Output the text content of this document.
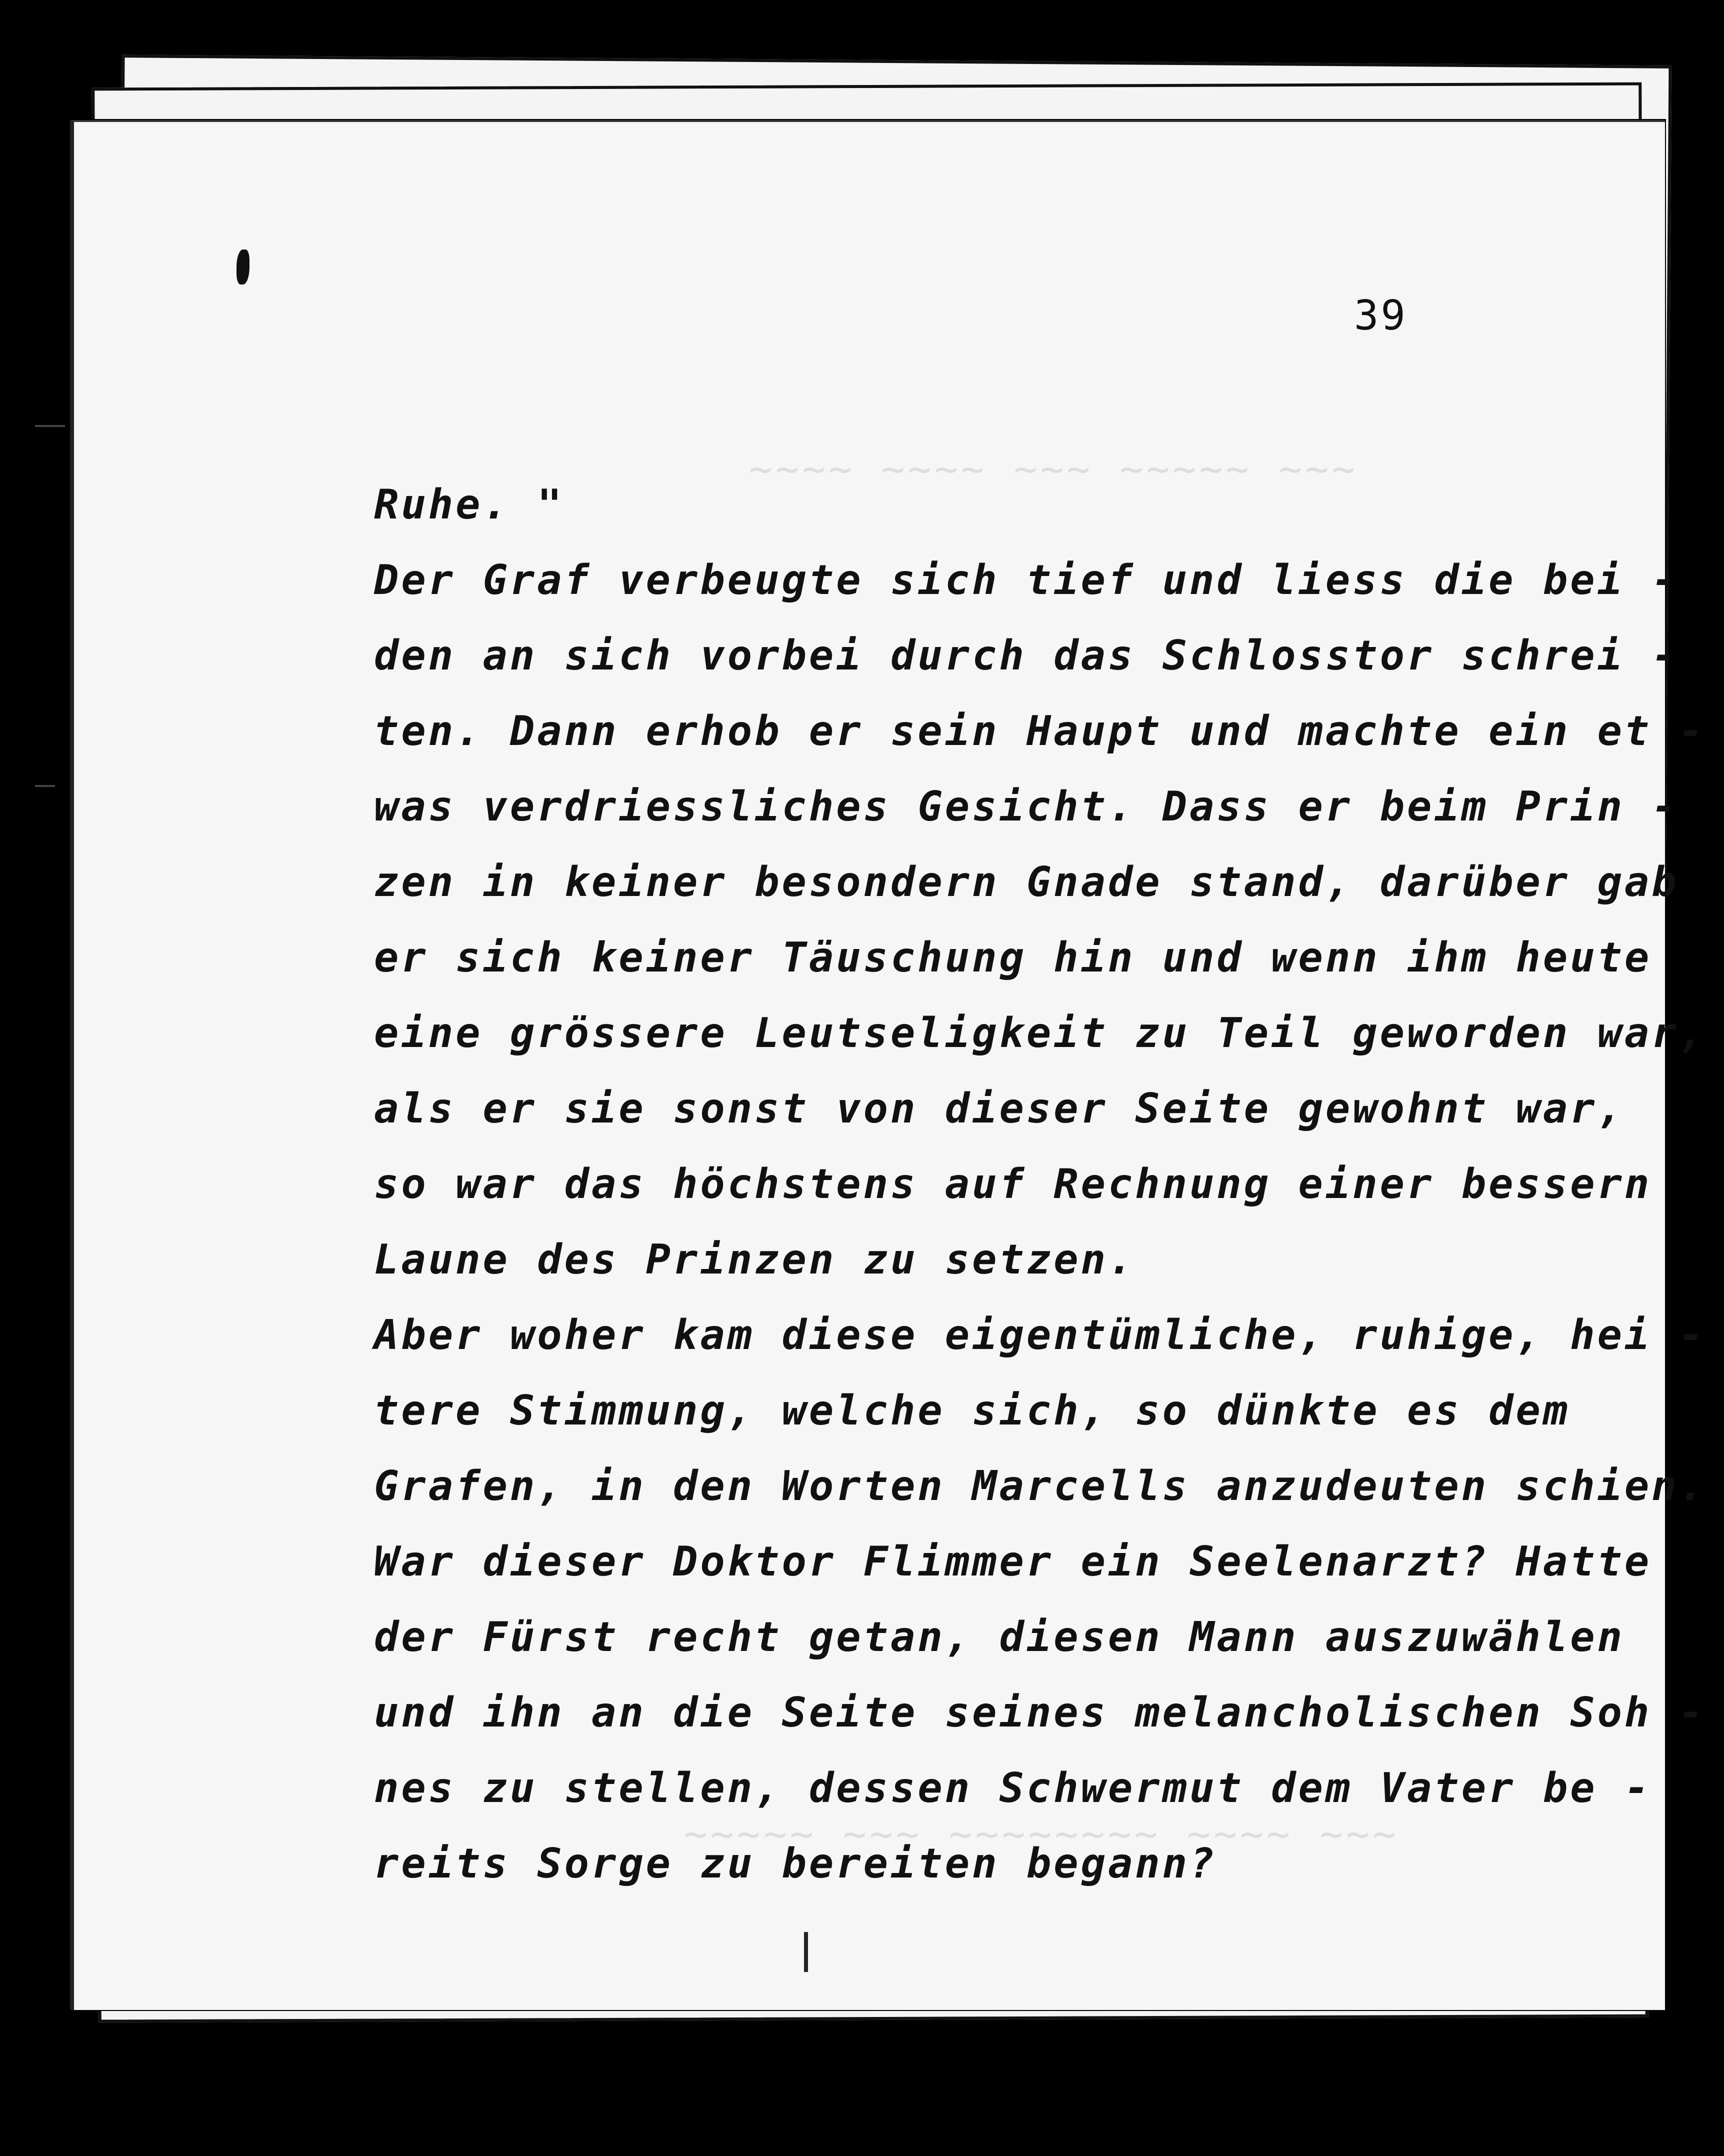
~~~~ ~~~~ ~~~ ~~~~~ ~~~
~~~~~ ~~~ ~~~~~~~~ ~~~~ ~~~
39
Ruhe. "
Der Graf verbeugte sich tief und liess die bei -
den an sich vorbei durch das Schlosstor schrei -
ten. Dann erhob er sein Haupt und machte ein et -
was verdriessliches Gesicht. Dass er beim Prin -
zen in keiner besondern Gnade stand, darüber gab
er sich keiner Täuschung hin und wenn ihm heute
eine grössere Leutseligkeit zu Teil geworden war,
als er sie sonst von dieser Seite gewohnt war,
so war das höchstens auf Rechnung einer bessern
Laune des Prinzen zu setzen.
Aber woher kam diese eigentümliche, ruhige, hei -
tere Stimmung, welche sich, so dünkte es dem
Grafen, in den Worten Marcells anzudeuten schien.
War dieser Doktor Flimmer ein Seelenarzt? Hatte
der Fürst recht getan, diesen Mann auszuwählen
und ihn an die Seite seines melancholischen Soh -
nes zu stellen, dessen Schwermut dem Vater be -
reits Sorge zu bereiten begann?
